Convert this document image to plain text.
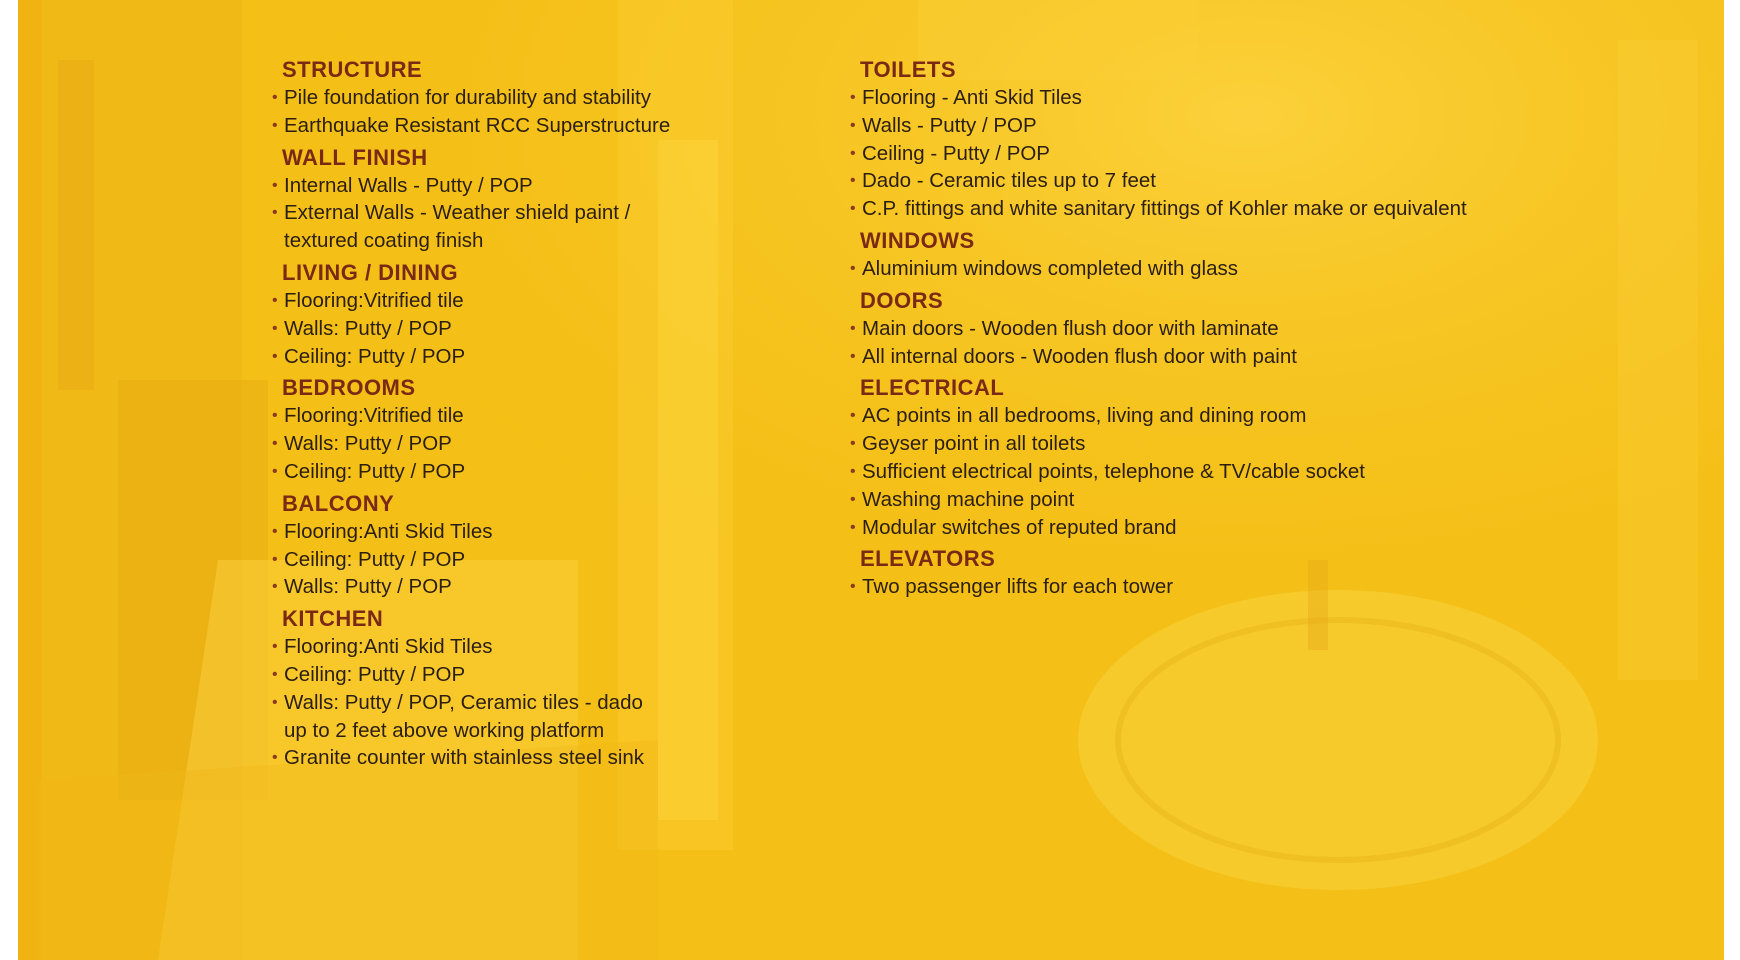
STRUCTURE
• Pile foundation for durability and stability
• Earthquake Resistant RCC Superstructure
WALL FINISH
• Internal Walls - Putty / POP
• External Walls - Weather shield paint / textured coating finish
LIVING / DINING
• Flooring:Vitrified tile
• Walls: Putty / POP
• Ceiling: Putty / POP
BEDROOMS
• Flooring:Vitrified tile
• Walls: Putty / POP
• Ceiling: Putty / POP
BALCONY
• Flooring:Anti Skid Tiles
• Ceiling: Putty / POP
• Walls: Putty / POP
KITCHEN
• Flooring:Anti Skid Tiles
• Ceiling: Putty / POP
• Walls: Putty / POP, Ceramic tiles - dado up to 2 feet above working platform
• Granite counter with stainless steel sink
TOILETS
• Flooring - Anti Skid Tiles
• Walls - Putty / POP
• Ceiling - Putty / POP
• Dado - Ceramic tiles up to 7 feet
• C.P. fittings and white sanitary fittings of Kohler make or equivalent
WINDOWS
• Aluminium windows completed with glass
DOORS
• Main doors - Wooden flush door with laminate
• All internal doors - Wooden flush door with paint
ELECTRICAL
• AC points in all bedrooms, living and dining room
• Geyser point in all toilets
• Sufficient electrical points, telephone & TV/cable socket
• Washing machine point
• Modular switches of reputed brand
ELEVATORS
• Two passenger lifts for each tower
